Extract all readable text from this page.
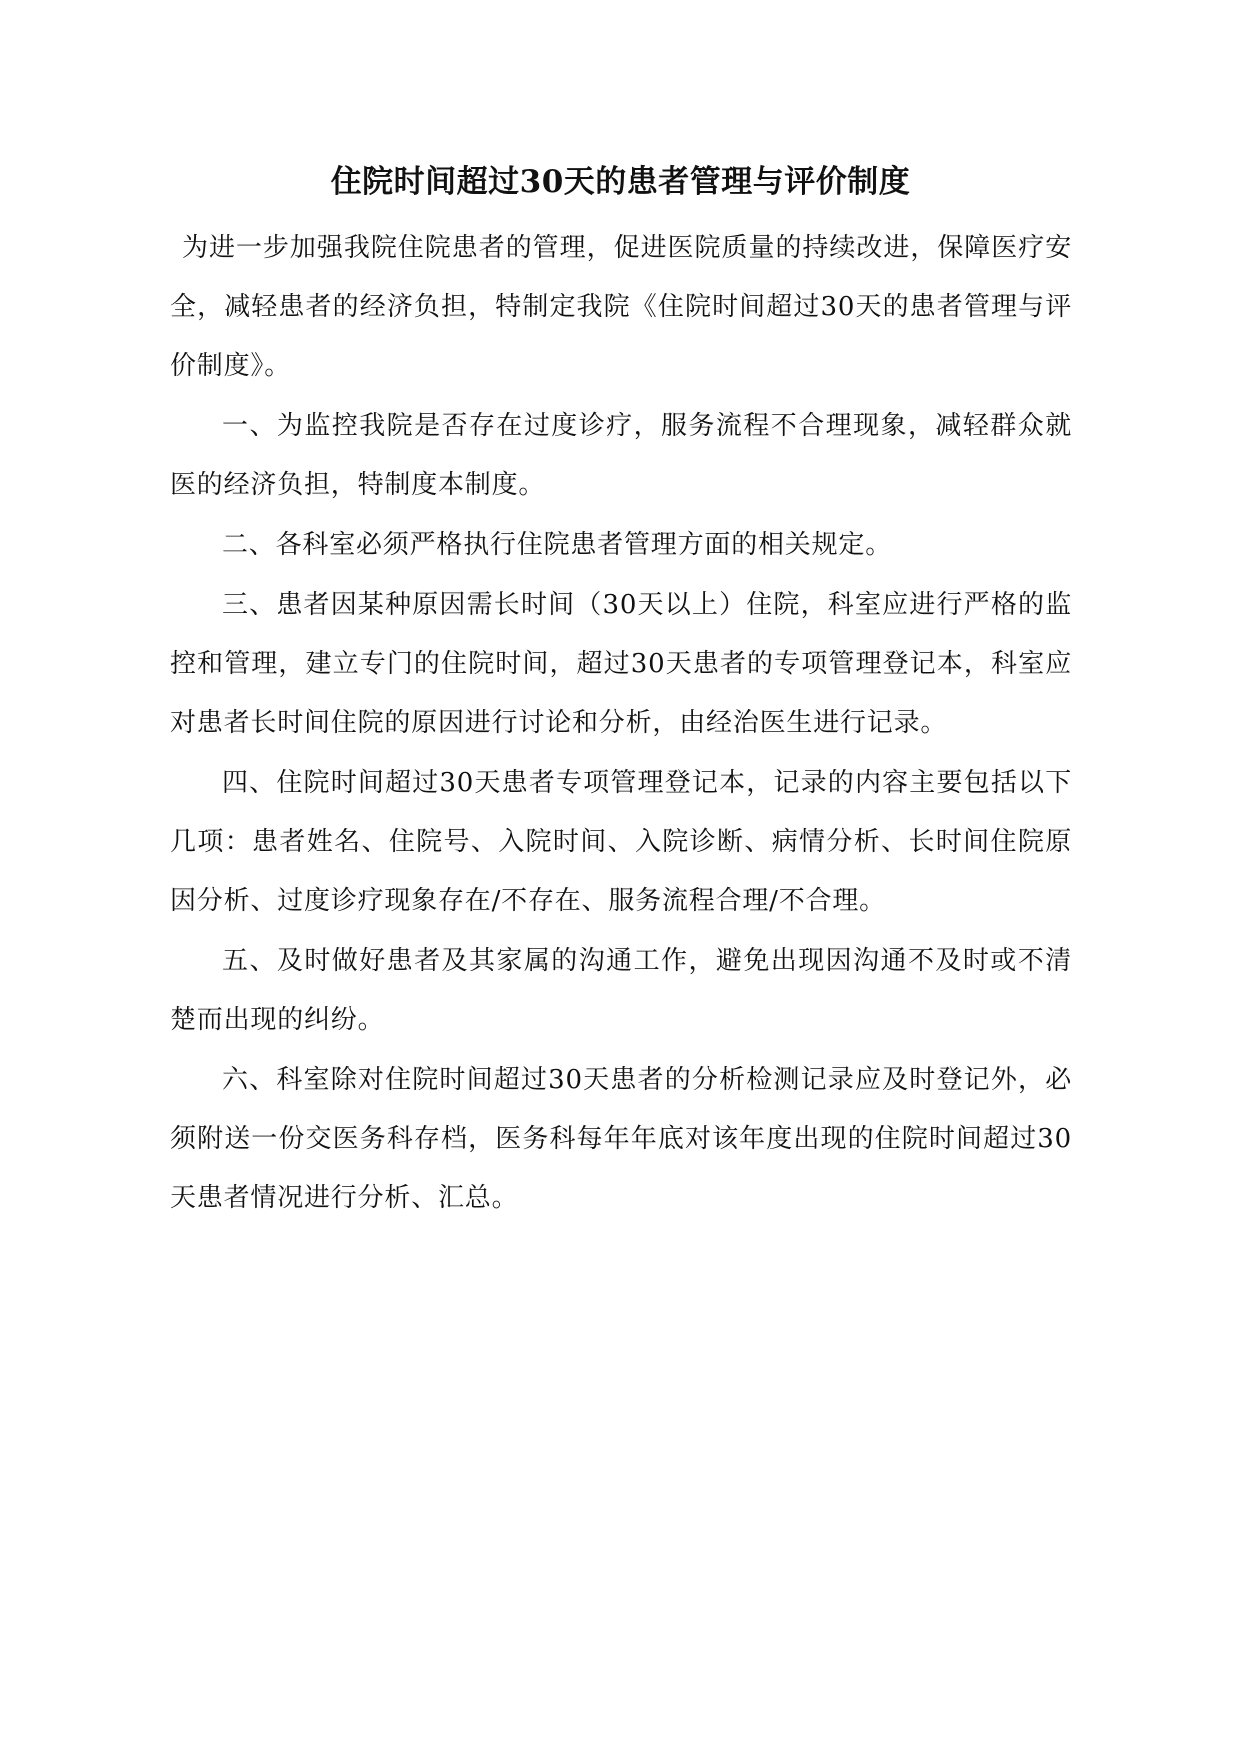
住院时间超过30天的患者管理与评价制度

为进一步加强我院住院患者的管理，促进医院质量的持续改进，保障医疗安全，减轻患者的经济负担，特制定我院《住院时间超过30天的患者管理与评价制度》。

一、为监控我院是否存在过度诊疗，服务流程不合理现象，减轻群众就医的经济负担，特制度本制度。

二、各科室必须严格执行住院患者管理方面的相关规定。

三、患者因某种原因需长时间（30天以上）住院，科室应进行严格的监控和管理，建立专门的住院时间，超过30天患者的专项管理登记本，科室应对患者长时间住院的原因进行讨论和分析，由经治医生进行记录。

四、住院时间超过30天患者专项管理登记本，记录的内容主要包括以下几项：患者姓名、住院号、入院时间、入院诊断、病情分析、长时间住院原因分析、过度诊疗现象存在/不存在、服务流程合理/不合理。

五、及时做好患者及其家属的沟通工作，避免出现因沟通不及时或不清楚而出现的纠纷。

六、科室除对住院时间超过30天患者的分析检测记录应及时登记外，必须附送一份交医务科存档，医务科每年年底对该年度出现的住院时间超过30天患者情况进行分析、汇总。
